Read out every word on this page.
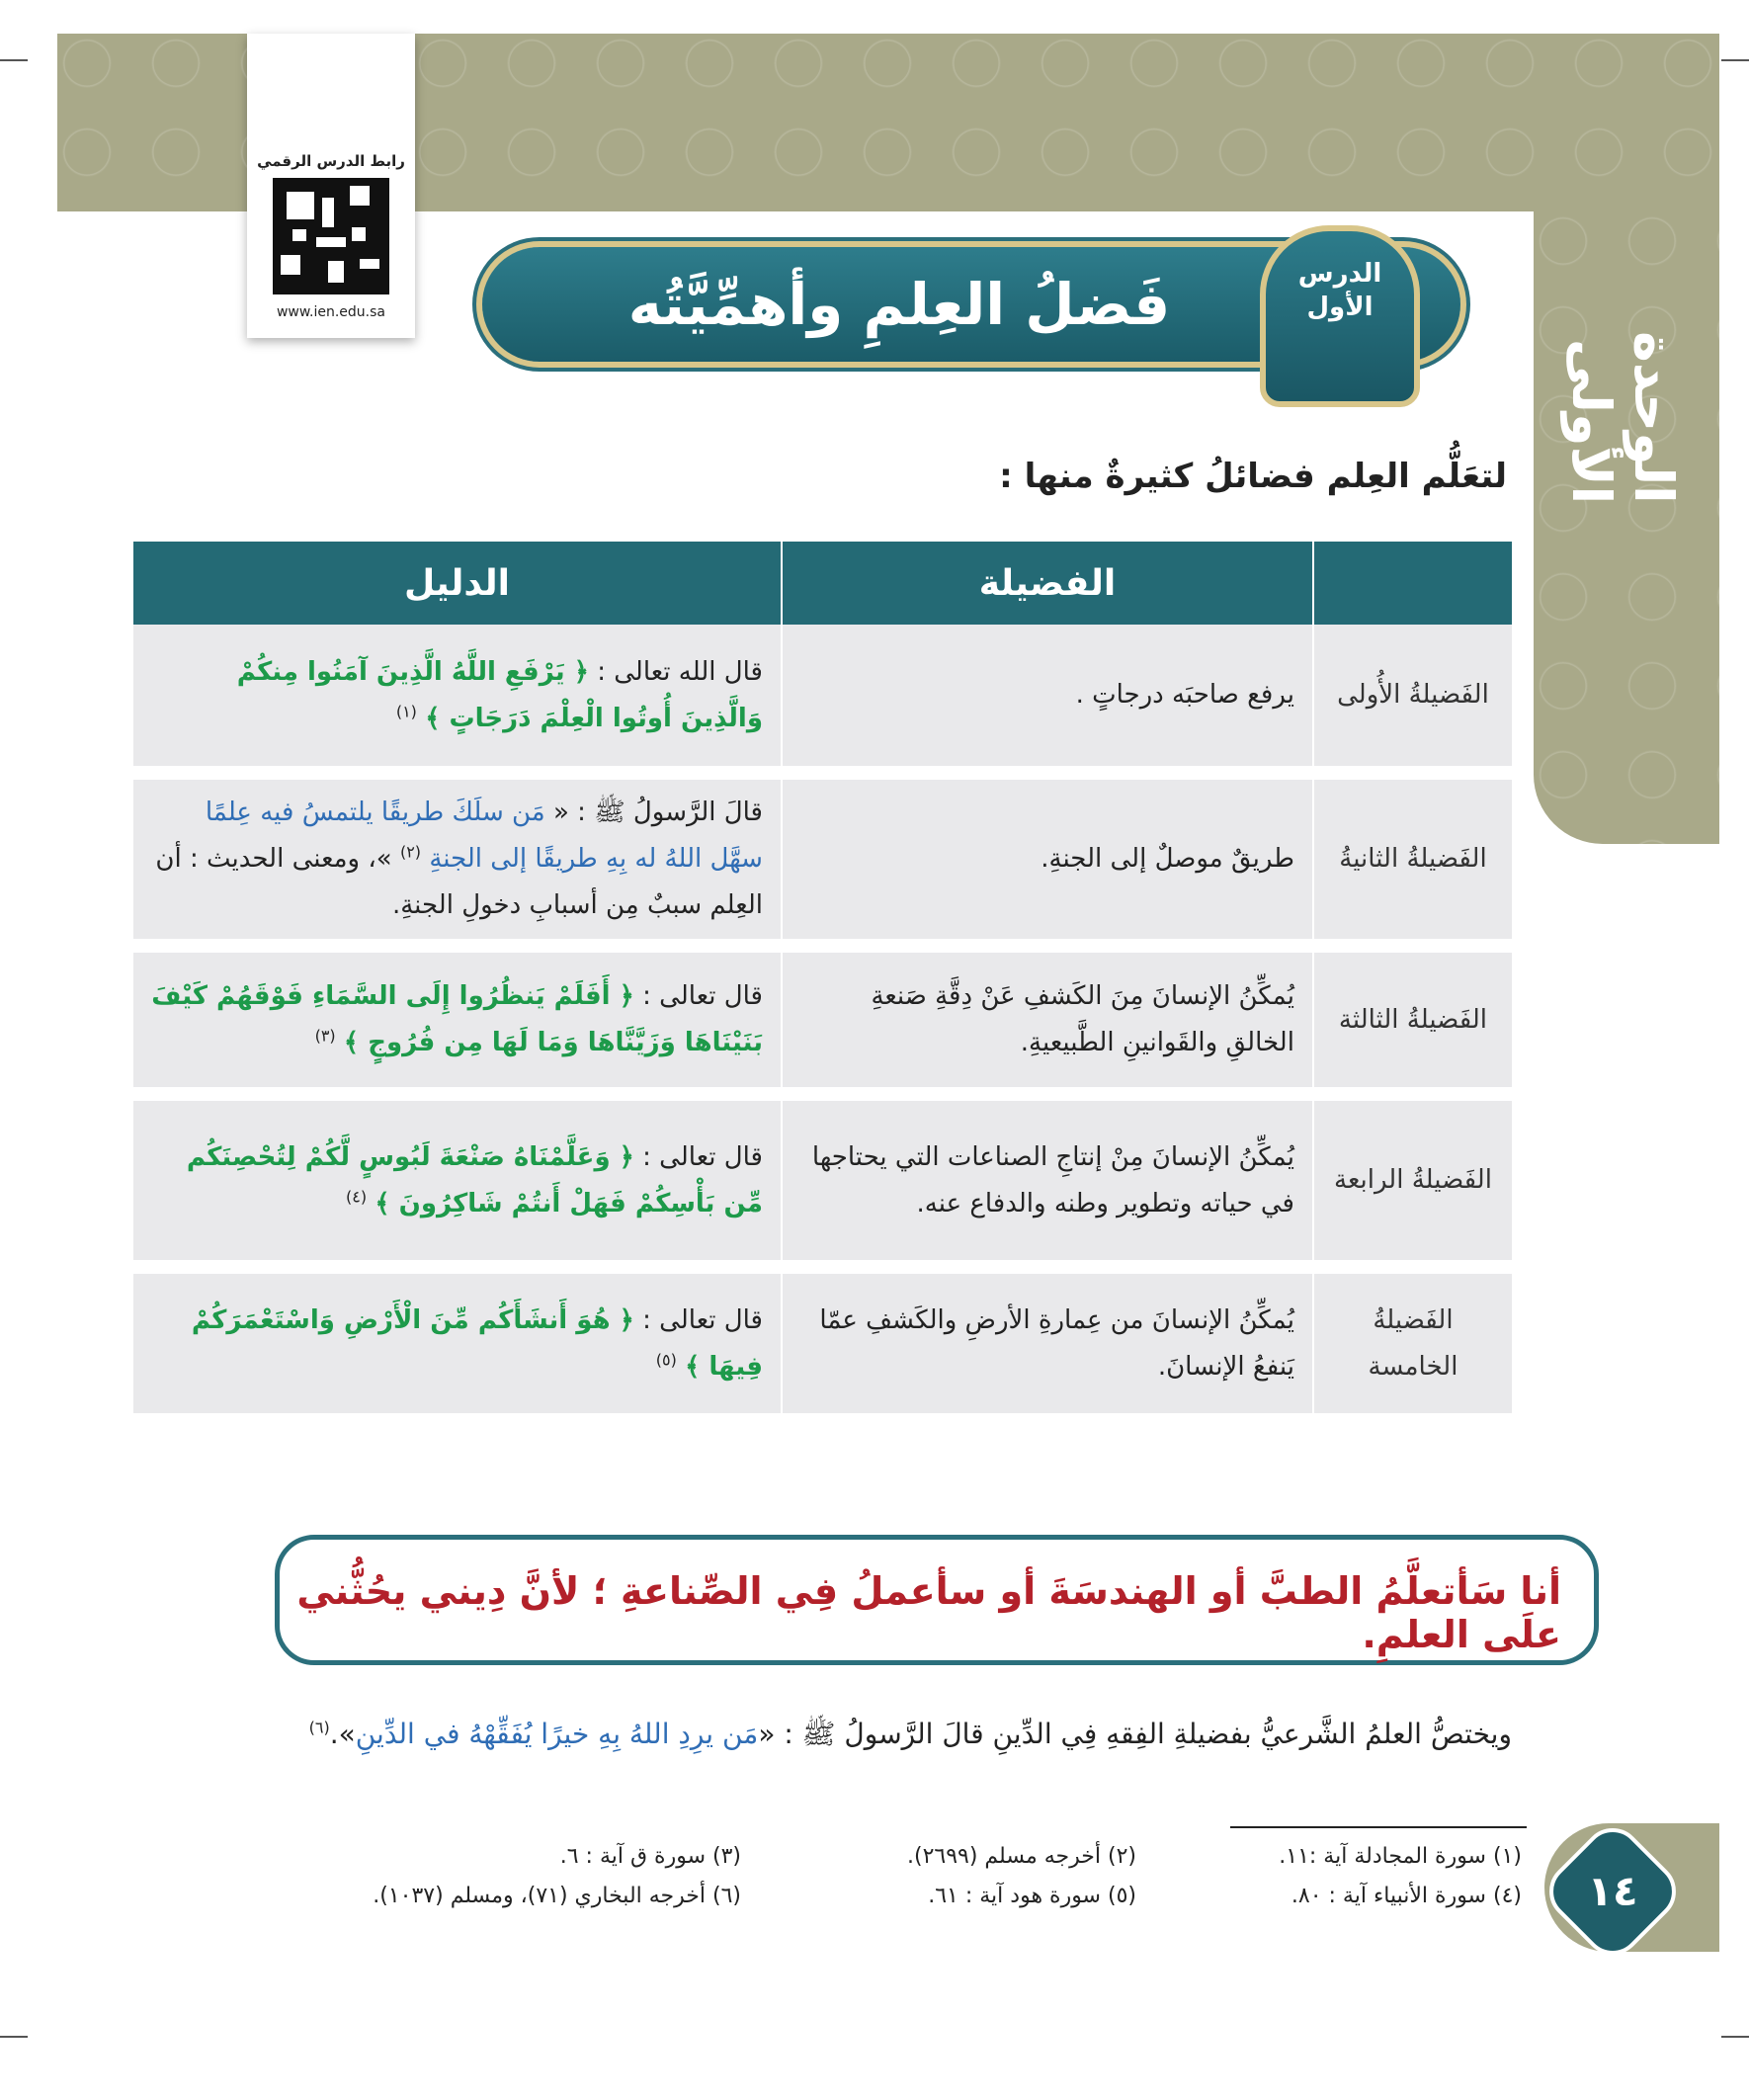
الوحدة الأولى
رابط الدرس الرقمي
www.ien.edu.sa	فَضلُ العِلمِ وأهمِّيَّتُه	الدرس
الأول
لتعَلُّم العِلم فضائلُ كثيرةٌ منها :
	الفضيلة	الدليل
الفَضيلةُ الأُولى	يرفع صاحبَه درجاتٍ .	قال الله تعالى : ﴿ يَرْفَعِ اللَّهُ الَّذِينَ آمَنُوا مِنكُمْ وَالَّذِينَ أُوتُوا الْعِلْمَ دَرَجَاتٍ ﴾ $^{(١)}$
الفَضيلةُ الثانيةُ	طريقٌ موصلٌ إلى الجنةِ.	قالَ الرَّسولُ ﷺ : « مَن سلَكَ طريقًا يلتمسُ فيه عِلمًا سهَّل اللهُ له بِهِ طريقًا إلى الجنةِ $^{(٢)}$ »، ومعنى الحديث : أن العِلم سببٌ مِن أسبابِ دخولِ الجنةِ.
الفَضيلةُ الثالثة	يُمكِّنُ الإنسانَ مِنَ الكَشفِ عَنْ دِقَّةِ صَنعةِ الخالقِ والقَوانينِ الطَّبيعيةِ.	قال تعالى : ﴿ أَفَلَمْ يَنظُرُوا إِلَى السَّمَاءِ فَوْقَهُمْ كَيْفَ بَنَيْنَاهَا وَزَيَّنَّاهَا وَمَا لَهَا مِن فُرُوجٍ ﴾ $^{(٣)}$
الفَضيلةُ الرابعة	يُمكِّنُ الإنسانَ مِنْ إنتاجِ الصناعات التي يحتاجها في حياته وتطوير وطنه والدفاع عنه.	قال تعالى : ﴿ وَعَلَّمْنَاهُ صَنْعَةَ لَبُوسٍ لَّكُمْ لِتُحْصِنَكُم مِّن بَأْسِكُمْ فَهَلْ أَنتُمْ شَاكِرُونَ ﴾ $^{(٤)}$
الفَضيلةُ الخامسة	يُمكِّنُ الإنسانَ من عِمارةِ الأرضِ والكَشفِ عمّا يَنفعُ الإنسانَ.	قال تعالى : ﴿ هُوَ أَنشَأَكُم مِّنَ الْأَرْضِ وَاسْتَعْمَرَكُمْ فِيهَا ﴾ $^{(٥)}$
أنا سَأتعلَّمُ الطبَّ أو الهندسَةَ أو سأعملُ فِي الصِّناعةِ ؛ لأنَّ دِيني يحُثُّني علَى العلمِ.
ويختصُّ العلمُ الشَّرعيُّ بفضيلةِ الفِقهِ فِي الدِّينِ قالَ الرَّسولُ ﷺ : «مَن يرِدِ اللهُ بِهِ خيرًا يُفَقِّهْهُ في الدِّينِ».$^{(٦)}$
(١) سورة المجادلة آية :١١.
(٢) أخرجه مسلم (٢٦٩٩).
(٣) سورة ق آية : ٦.
(٤) سورة الأنبياء آية : ٨٠.
(٥) سورة هود آية : ٦١.
(٦) أخرجه البخاري (٧١)، ومسلم (١٠٣٧).	١٤
